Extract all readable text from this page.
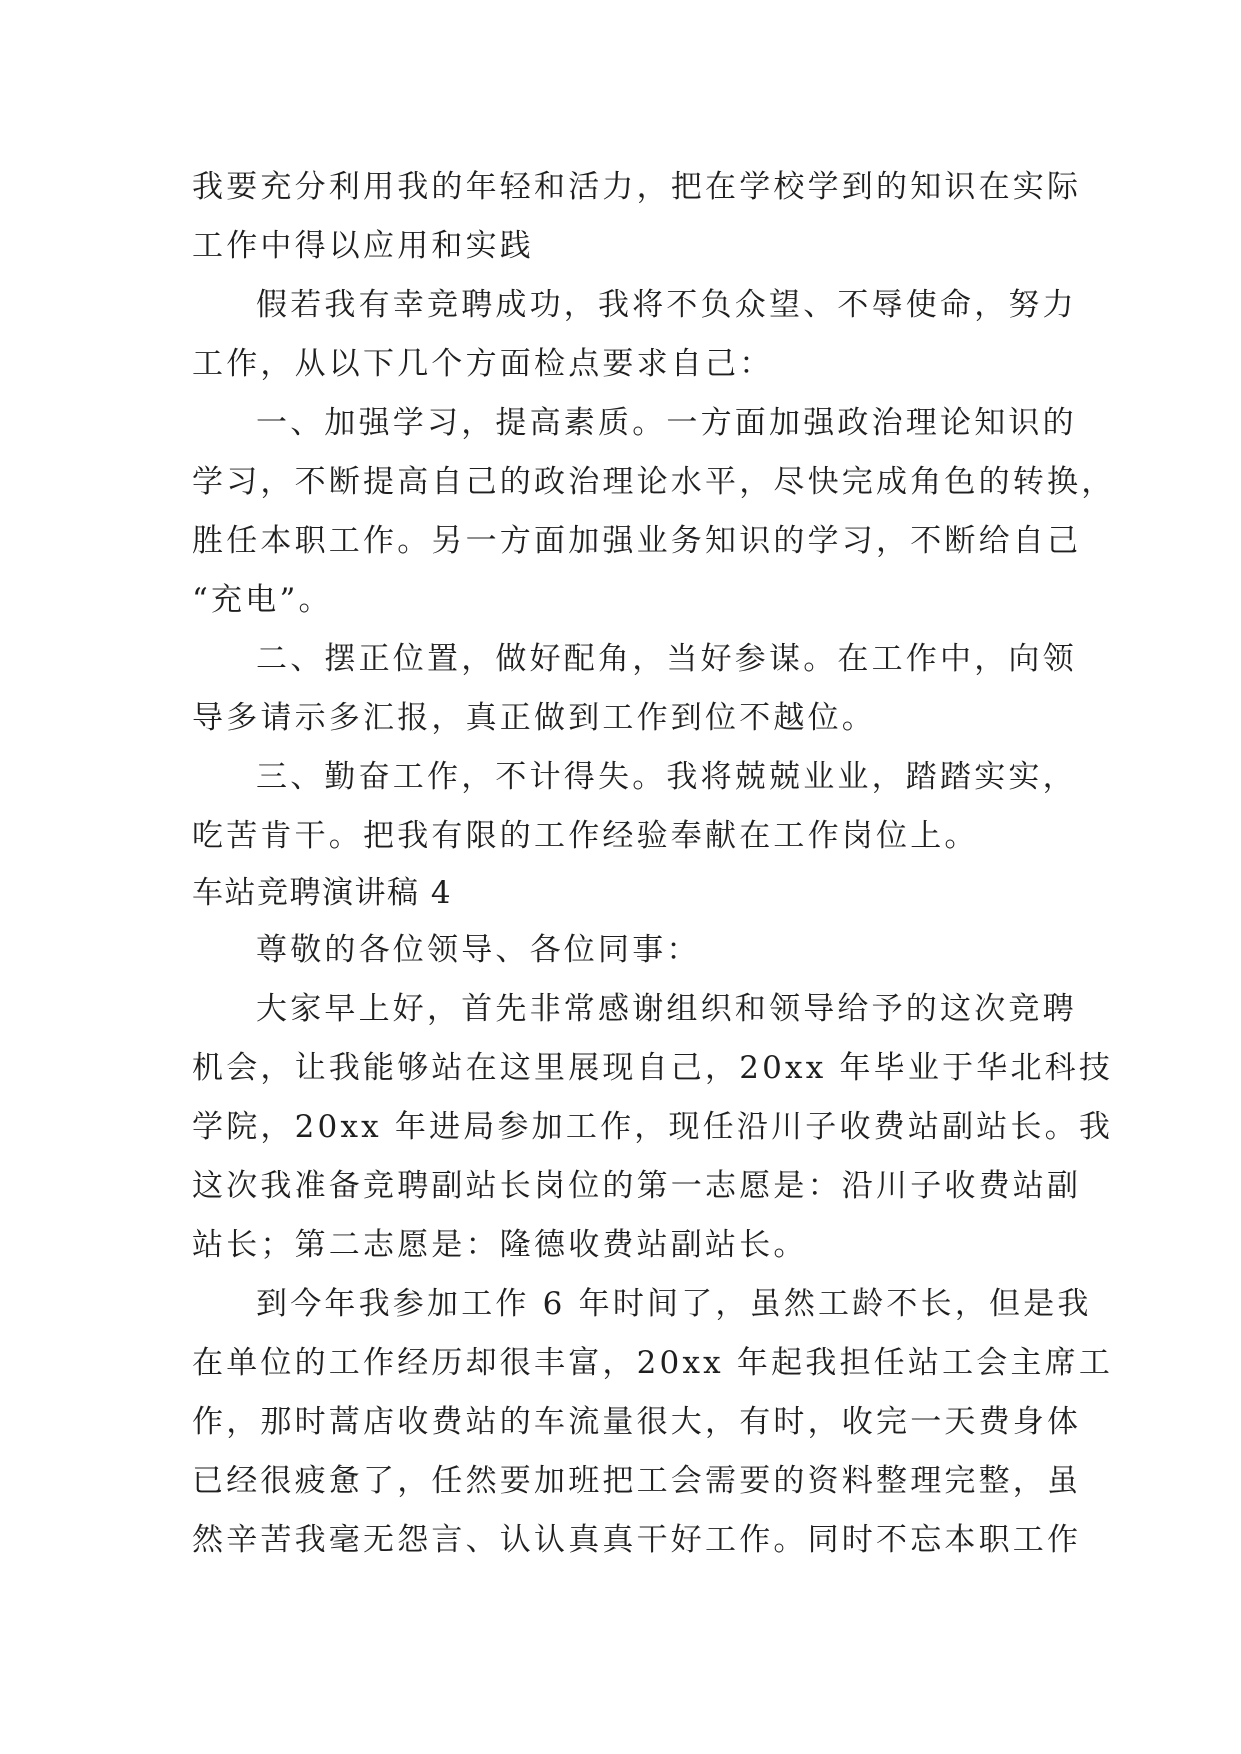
我要充分利用我的年轻和活力，把在学校学到的知识在实际
工作中得以应用和实践
假若我有幸竞聘成功，我将不负众望、不辱使命，努力
工作，从以下几个方面检点要求自己：
一、加强学习，提高素质。一方面加强政治理论知识的
学习，不断提高自己的政治理论水平，尽快完成角色的转换，
胜任本职工作。另一方面加强业务知识的学习，不断给自己
“充电”。
二、摆正位置，做好配角，当好参谋。在工作中，向领
导多请示多汇报，真正做到工作到位不越位。
三、勤奋工作，不计得失。我将兢兢业业，踏踏实实，
吃苦肯干。把我有限的工作经验奉献在工作岗位上。
车站竞聘演讲稿 4
尊敬的各位领导、各位同事：
大家早上好，首先非常感谢组织和领导给予的这次竞聘
机会，让我能够站在这里展现自己，20xx 年毕业于华北科技
学院，20xx 年进局参加工作，现任沿川子收费站副站长。我
这次我准备竞聘副站长岗位的第一志愿是：沿川子收费站副
站长；第二志愿是：隆德收费站副站长。
到今年我参加工作 6 年时间了，虽然工龄不长，但是我
在单位的工作经历却很丰富，20xx 年起我担任站工会主席工
作，那时蒿店收费站的车流量很大，有时，收完一天费身体
已经很疲惫了，任然要加班把工会需要的资料整理完整，虽
然辛苦我毫无怨言、认认真真干好工作。同时不忘本职工作
